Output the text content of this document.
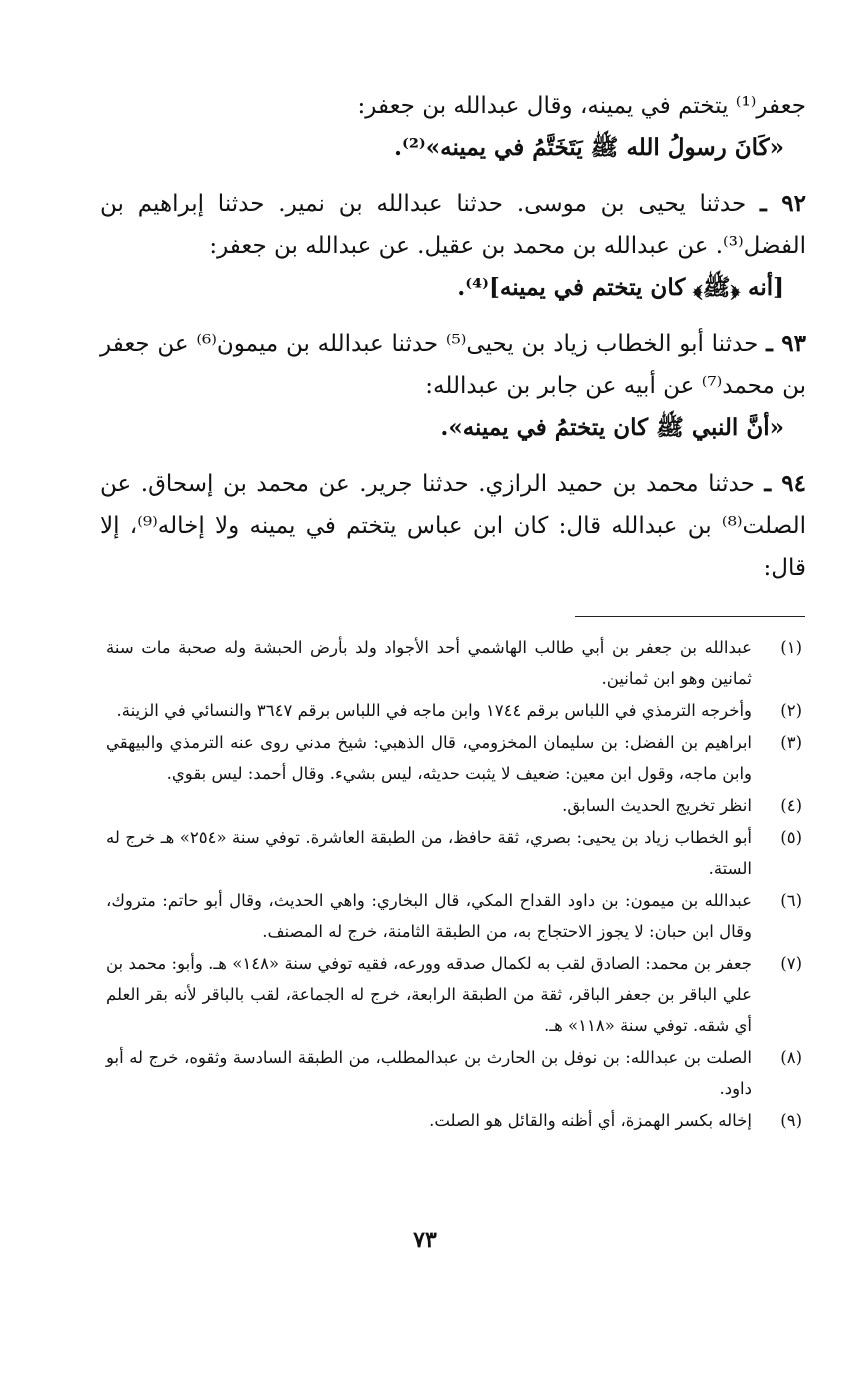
جعفر⁽¹⁾ يتختم في يمينه، وقال عبدالله بن جعفر:

«كَانَ رسولُ الله ﷺ يَتَخَتَّمُ في يمينه»⁽²⁾.

٩٢ ـ حدثنا يحيى بن موسى. حدثنا عبدالله بن نمير. حدثنا إبراهيم بن الفضل⁽³⁾. عن عبدالله بن محمد بن عقيل. عن عبدالله بن جعفر:

[أنه ﴿ﷺ﴾ كان يتختم في يمينه]⁽⁴⁾.

٩٣ ـ حدثنا أبو الخطاب زياد بن يحيى⁽⁵⁾ حدثنا عبدالله بن ميمون⁽⁶⁾ عن جعفر بن محمد⁽⁷⁾ عن أبيه عن جابر بن عبدالله:

«أنَّ النبي ﷺ كان يتختمُ في يمينه».

٩٤ ـ حدثنا محمد بن حميد الرازي. حدثنا جرير. عن محمد بن إسحاق. عن الصلت⁽⁸⁾ بن عبدالله قال: كان ابن عباس يتختم في يمينه ولا إخاله⁽⁹⁾، إلا قال:

(١)
عبدالله بن جعفر بن أبي طالب الهاشمي أحد الأجواد ولد بأرض الحبشة وله صحبة مات سنة ثمانين وهو ابن ثمانين.
(٢)
وأخرجه الترمذي في اللباس برقم ١٧٤٤ وابن ماجه في اللباس برقم ٣٦٤٧ والنسائي في الزينة.
(٣)
ابراهيم بن الفضل: بن سليمان المخزومي، قال الذهبي: شيخ مدني روى عنه الترمذي والبيهقي وابن ماجه، وقول ابن معين: ضعيف لا يثبت حديثه، ليس بشيء. وقال أحمد: ليس بقوي.
(٤)
انظر تخريج الحديث السابق.
(٥)
أبو الخطاب زياد بن يحيى: بصري، ثقة حافظ، من الطبقة العاشرة. توفي سنة «٢٥٤» هـ خرج له الستة.
(٦)
عبدالله بن ميمون: بن داود القداح المكي، قال البخاري: واهي الحديث، وقال أبو حاتم: متروك، وقال ابن حبان: لا يجوز الاحتجاج به، من الطبقة الثامنة، خرج له المصنف.
(٧)
جعفر بن محمد: الصادق لقب به لكمال صدقه وورعه، فقيه توفي سنة «١٤٨» هـ. وأبو: محمد بن علي الباقر بن جعفر الباقر، ثقة من الطبقة الرابعة، خرج له الجماعة، لقب بالباقر لأنه بقر العلم أي شقه. توفي سنة «١١٨» هـ.
(٨)
الصلت بن عبدالله: بن نوفل بن الحارث بن عبدالمطلب، من الطبقة السادسة وثقوه، خرج له أبو داود.
(٩)
إخاله بكسر الهمزة، أي أظنه والقائل هو الصلت.
٧٣
